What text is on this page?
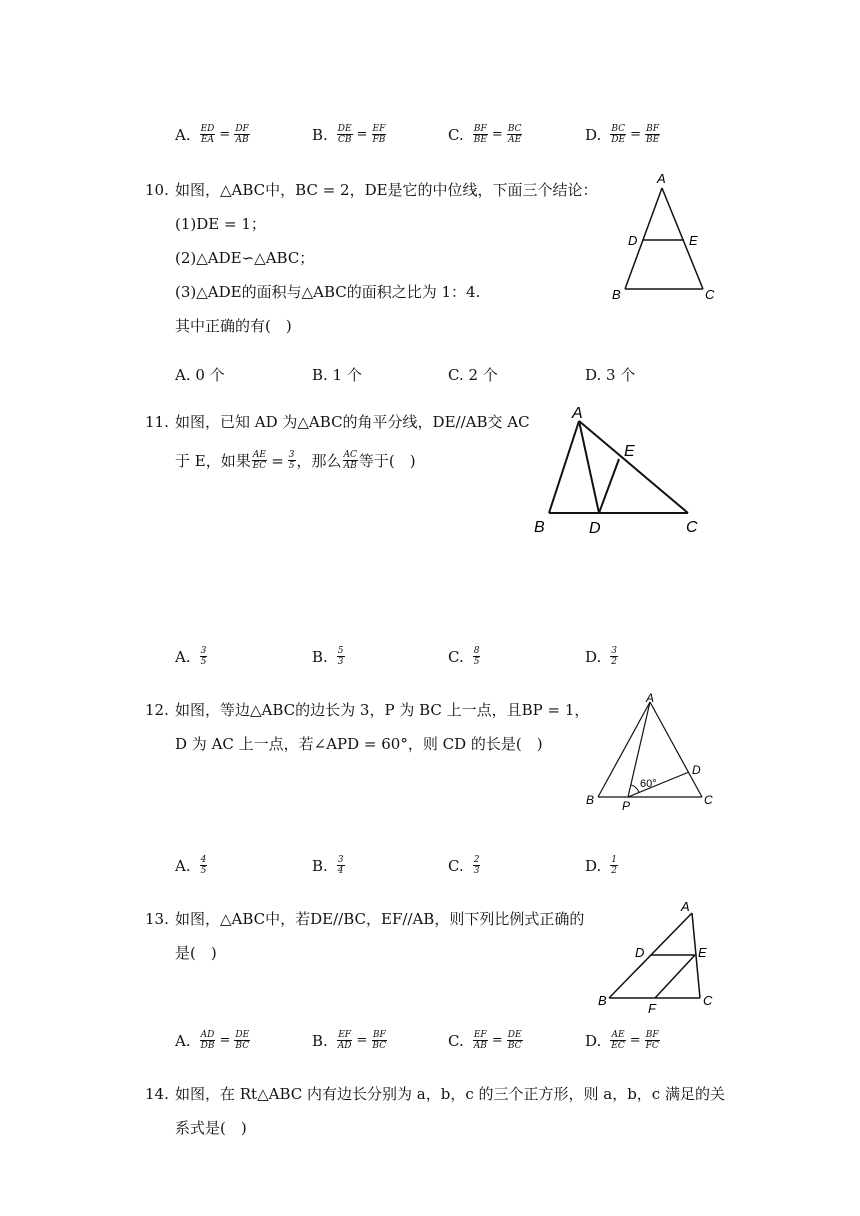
A. $\frac{ED}{EA} = \frac{DF}{AB}$	B. $\frac{DE}{CB} = \frac{EF}{FB}$	C. $\frac{BF}{BE} = \frac{BC}{AE}$	D. $\frac{BC}{DE} = \frac{BF}{BE}$
10. 如图，△ABC中，BC = 2，DE是它的中位线，下面三个结论：
(1)DE = 1；
(2)△ADE∽△ABC；
(3)△ADE的面积与△ABC的面积之比为 1：4.
其中正确的有(　)
A
D	E
B	C
A. 0 个	B. 1 个	C. 2 个	D. 3 个
11. 如图，已知 AD 为△ABC的角平分线，DE//AB交 AC
于 E，如果 $\frac{AE}{EC} = \frac{3}{5}$ ，那么 $\frac{AC}{AB}$ 等于(　)
A
E
B	D	C
A. $\frac{3}{5}$	B. $\frac{5}{3}$	C. $\frac{8}{5}$	D. $\frac{3}{2}$
12. 如图，等边△ABC的边长为 3，P 为 BC 上一点，且BP = 1，
D 为 AC 上一点，若∠APD = 60°，则 CD 的长是(　)
A
D
B P	C
60°
A. $\frac{4}{5}$	B. $\frac{3}{4}$	C. $\frac{2}{3}$	D. $\frac{1}{2}$
13. 如图，△ABC中，若DE//BC，EF//AB，则下列比例式正确的
是(　)
A
D	E
B
F
C
A. $\frac{AD}{DB} = \frac{DE}{BC}$	B. $\frac{EF}{AD} = \frac{BF}{BC}$	C. $\frac{EF}{AB} = \frac{DE}{BC}$	D. $\frac{AE}{EC} = \frac{BF}{FC}$
14. 如图，在 Rt△ABC 内有边长分别为 a，b，c 的三个正方形，则 a，b，c 满足的关
系式是(　)
